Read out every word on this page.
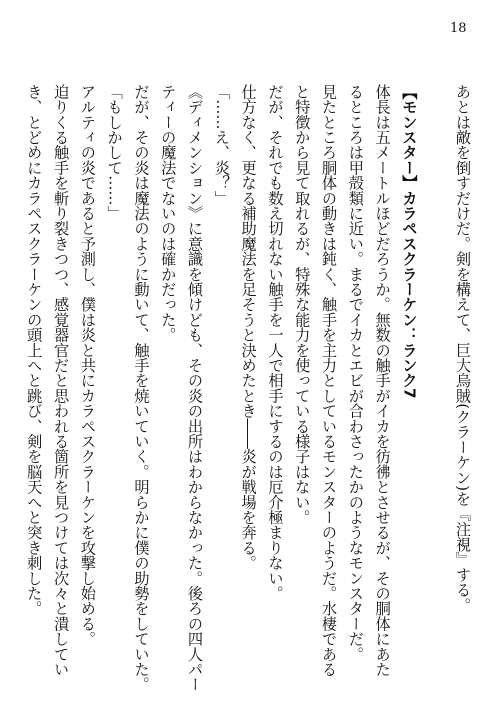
18
あとは敵を倒すだけだ。剣を構えて、巨大烏賊(クラーケン)を『注視』する。
【モンスター】カラペスクラーケン：ランク7
体長は五メートルほどだろうか。無数の触手がイカを彷彿とさせるが、その胴体にあた
るところは甲殻類に近い。まるでイカとエビが合わさったかのようなモンスターだ。
見たところ胴体の動きは鈍く、触手を主力としているモンスターのようだ。水棲である
と特徴から見て取れるが、特殊な能力を使っている様子はない。
だが、それでも数え切れない触手を一人で相手にするのは厄介極まりない。
仕方なく、更なる補助魔法を足そうと決めたとき――炎が戦場を奔る。
「……え、炎？」
《ディメンション》に意識を傾けども、その炎の出所はわからなかった。後ろの四人パー
ティーの魔法でないのは確かだった。
だが、その炎は魔法のように動いて、触手を焼いていく。明らかに僕の助勢をしていた。
「もしかして……」
アルティの炎であると予測し、僕は炎と共にカラペスクラーケンを攻撃し始める。
迫りくる触手を斬り裂きつつ、感覚器官だと思われる箇所を見つけては次々と潰してい
き、とどめにカラペスクラーケンの頭上へと跳び、剣を脳天へと突き刺した。
